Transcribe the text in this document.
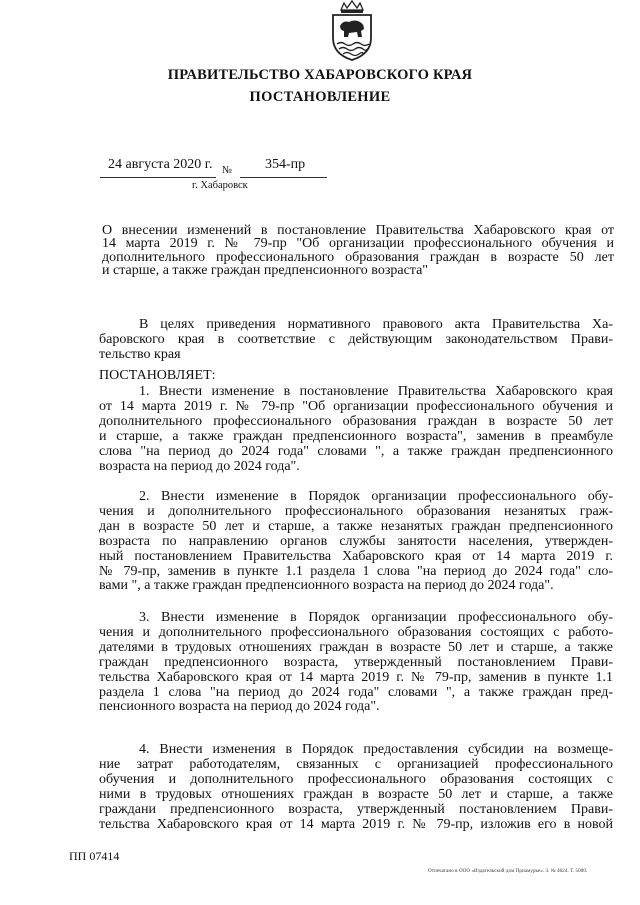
ПРАВИТЕЛЬСТВО ХАБАРОВСКОГО КРАЯ
ПОСТАНОВЛЕНИЕ
24 августа 2020 г. № 354-пр
г. Хабаровск
О внесении изменений в постановление Правительства Хабаровского края от
14 марта 2019 г. № 79-пр "Об организации профессионального обучения и
дополнительного профессионального образования граждан в возрасте 50 лет
и старше, а также граждан предпенсионного возраста"
В целях приведения нормативного правового акта Правительства Ха-
баровского края в соответствие с действующим законодательством Прави-
тельство края
ПОСТАНОВЛЯЕТ:
1. Внести изменение в постановление Правительства Хабаровского края
от 14 марта 2019 г. № 79-пр "Об организации профессионального обучения и
дополнительного профессионального образования граждан в возрасте 50 лет
и старше, а также граждан предпенсионного возраста", заменив в преамбуле
слова "на период до 2024 года" словами ", а также граждан предпенсионного
возраста на период до 2024 года".
2. Внести изменение в Порядок организации профессионального обу-
чения и дополнительного профессионального образования незанятых граж-
дан в возрасте 50 лет и старше, а также незанятых граждан предпенсионного
возраста по направлению органов службы занятости населения, утвержден-
ный постановлением Правительства Хабаровского края от 14 марта 2019 г.
№ 79-пр, заменив в пункте 1.1 раздела 1 слова "на период до 2024 года" сло-
вами ", а также граждан предпенсионного возраста на период до 2024 года".
3. Внести изменение в Порядок организации профессионального обу-
чения и дополнительного профессионального образования состоящих с работо-
дателями в трудовых отношениях граждан в возрасте 50 лет и старше, а также
граждан предпенсионного возраста, утвержденный постановлением Прави-
тельства Хабаровского края от 14 марта 2019 г. № 79-пр, заменив в пункте 1.1
раздела 1 слова "на период до 2024 года" словами ", а также граждан пред-
пенсионного возраста на период до 2024 года".
4. Внести изменения в Порядок предоставления субсидии на возмеще-
ние затрат работодателям, связанных с организацией профессионального
обучения и дополнительного профессионального образования состоящих с
ними в трудовых отношениях граждан в возрасте 50 лет и старше, а также
граждани предпенсионного возраста, утвержденный постановлением Прави-
тельства Хабаровского края от 14 марта 2019 г. № 79-пр, изложив его в новой
ПП 07414
Отпечатано в ООО «Издательский дом Приамурье». З. № 4624. Т. 5000.
